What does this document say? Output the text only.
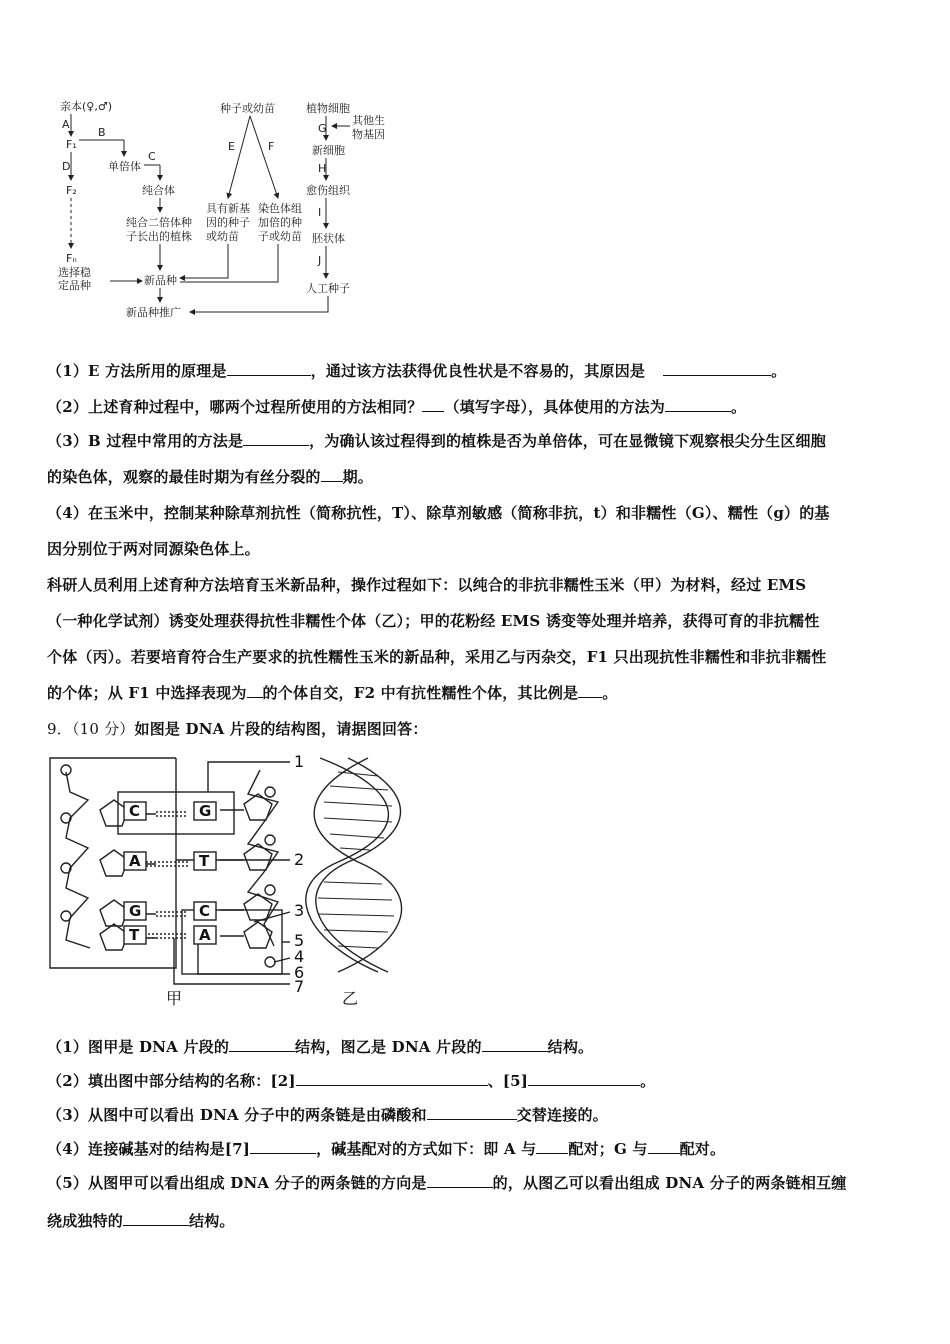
亲本(♀,♂)
A
F₁
B
单倍体
C
纯合体
纯合二倍体种
子长出的植株
D
F₂
Fₙ
选择稳
定品种	新品种
新品种推广
种子或幼苗
E	F
具有新基
因的种子
或幼苗
染色体组
加倍的种
子或幼苗
植物细胞
G
其他生
物基因
新细胞
H
愈伤组织
I
胚状体
J
人工种子
（1）E 方法所用的原理是	，通过该方法获得优良性状是不容易的，其原因是	。
（2）上述育种过程中，哪两个过程所使用的方法相同？ （填写字母），具体使用的方法为	。
（3）B 过程中常用的方法是	，为确认该过程得到的植株是否为单倍体，可在显微镜下观察根尖分生区细胞
的染色体，观察的最佳时期为有丝分裂的 期。
（4）在玉米中，控制某种除草剂抗性（简称抗性，T）、除草剂敏感（简称非抗，t）和非糯性（G）、糯性（g）的基
因分别位于两对同源染色体上。
科研人员利用上述育种方法培育玉米新品种，操作过程如下：以纯合的非抗非糯性玉米（甲）为材料，经过 EMS
（一种化学试剂）诱变处理获得抗性非糯性个体（乙）；甲的花粉经 EMS 诱变等处理并培养，获得可育的非抗糯性
个体（丙）。若要培育符合生产要求的抗性糯性玉米的新品种，采用乙与丙杂交，F1 只出现抗性非糯性和非抗非糯性
的个体；从 F1 中选择表现为 的个体自交，F2 中有抗性糯性个体，其比例是 。
9．（10 分）如图是 DNA 片段的结构图，请据图回答：
C
A
G
T
G
T
C
A
1
2
3
4
5
6
7
甲	乙
（1）图甲是 DNA 片段的	结构，图乙是 DNA 片段的	结构。
（2）填出图中部分结构的名称：[2]	、[5]	。
（3）从图中可以看出 DNA 分子中的两条链是由磷酸和	交替连接的。
（4）连接碱基对的结构是[7]	，碱基配对的方式如下：即 A 与 配对；G 与 配对。
（5）从图甲可以看出组成 DNA 分子的两条链的方向是	的，从图乙可以看出组成 DNA 分子的两条链相互缠
绕成独特的	结构。
